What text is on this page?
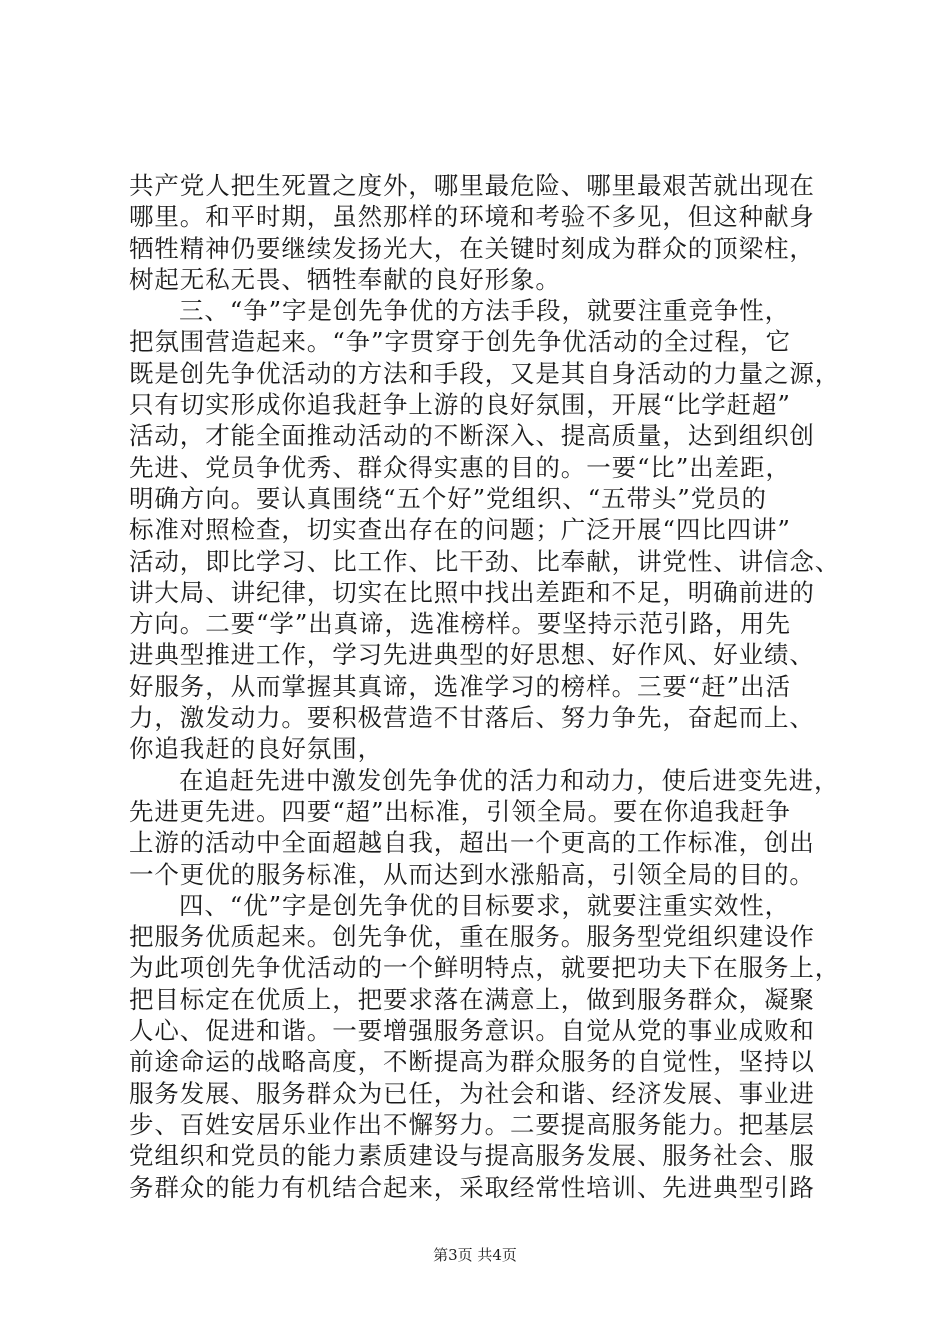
共产党人把生死置之度外，哪里最危险、哪里最艰苦就出现在
哪里。和平时期，虽然那样的环境和考验不多见，但这种献身
牺牲精神仍要继续发扬光大，在关键时刻成为群众的顶梁柱，
树起无私无畏、牺牲奉献的良好形象。
三、“争”字是创先争优的方法手段，就要注重竞争性，
把氛围营造起来。“争”字贯穿于创先争优活动的全过程，它
既是创先争优活动的方法和手段，又是其自身活动的力量之源，
只有切实形成你追我赶争上游的良好氛围，开展“比学赶超”
活动，才能全面推动活动的不断深入、提高质量，达到组织创
先进、党员争优秀、群众得实惠的目的。一要“比”出差距，
明确方向。要认真围绕“五个好”党组织、“五带头”党员的
标准对照检查，切实查出存在的问题；广泛开展“四比四讲”
活动，即比学习、比工作、比干劲、比奉献，讲党性、讲信念、
讲大局、讲纪律，切实在比照中找出差距和不足，明确前进的
方向。二要“学”出真谛，选准榜样。要坚持示范引路，用先
进典型推进工作，学习先进典型的好思想、好作风、好业绩、
好服务，从而掌握其真谛，选准学习的榜样。三要“赶”出活
力，激发动力。要积极营造不甘落后、努力争先，奋起而上、
你追我赶的良好氛围，
在追赶先进中激发创先争优的活力和动力，使后进变先进，
先进更先进。四要“超”出标准，引领全局。要在你追我赶争
上游的活动中全面超越自我，超出一个更高的工作标准，创出
一个更优的服务标准，从而达到水涨船高，引领全局的目的。
四、“优”字是创先争优的目标要求，就要注重实效性，
把服务优质起来。创先争优，重在服务。服务型党组织建设作
为此项创先争优活动的一个鲜明特点，就要把功夫下在服务上，
把目标定在优质上，把要求落在满意上，做到服务群众，凝聚
人心、促进和谐。一要增强服务意识。自觉从党的事业成败和
前途命运的战略高度，不断提高为群众服务的自觉性，坚持以
服务发展、服务群众为已任，为社会和谐、经济发展、事业进
步、百姓安居乐业作出不懈努力。二要提高服务能力。把基层
党组织和党员的能力素质建设与提高服务发展、服务社会、服
务群众的能力有机结合起来，采取经常性培训、先进典型引路
第3页 共4页
